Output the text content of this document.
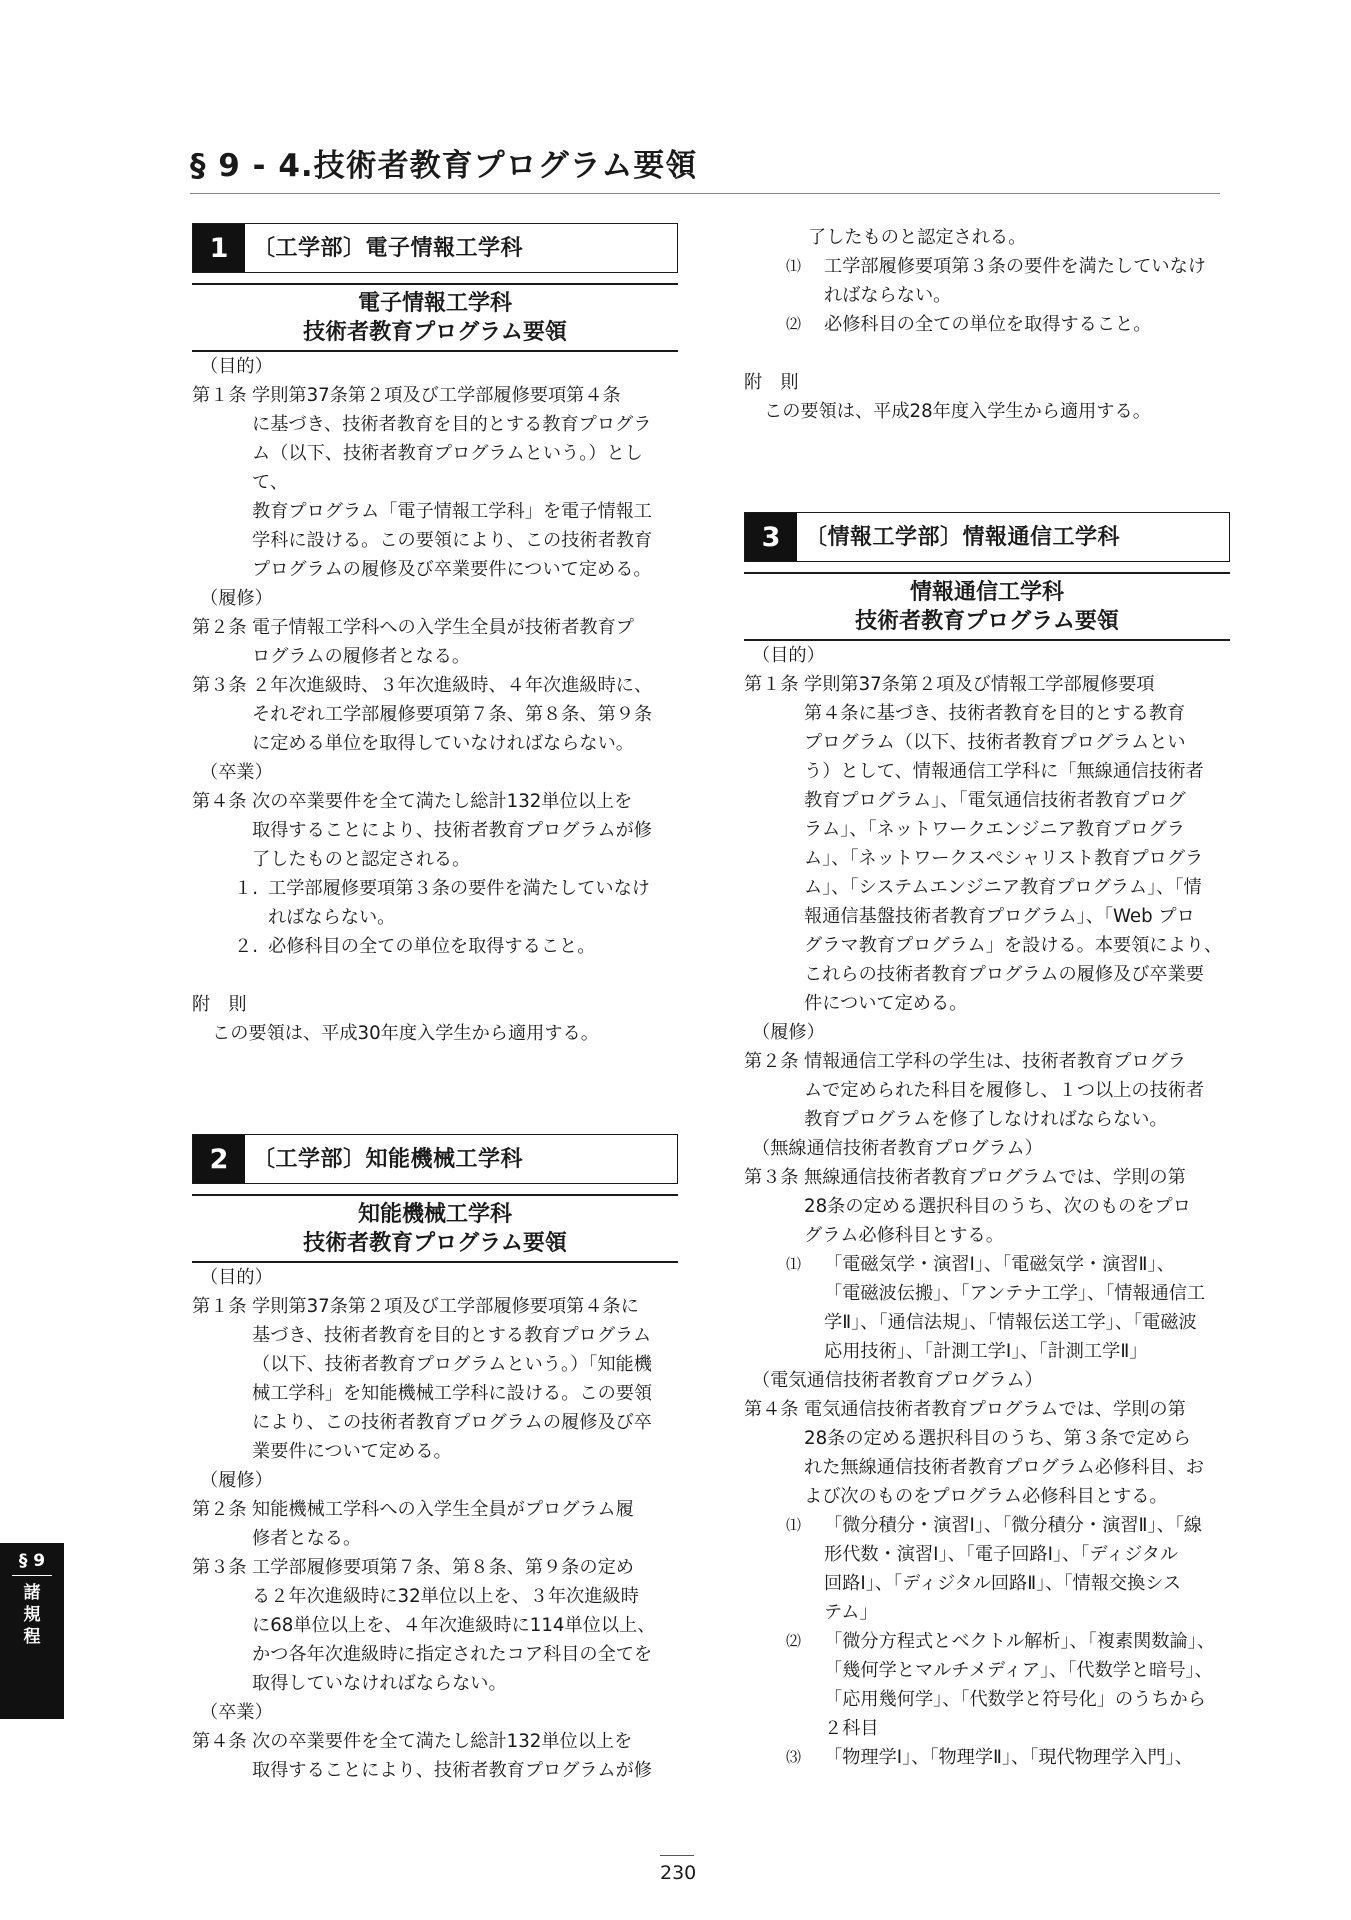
§ 9 - 4.技術者教育プログラム要領
1	〔工学部〕電子情報工学科
電子情報工学科
技術者教育プログラム要領
（目的）
第１条 学則第37条第２項及び工学部履修要項第４条
に基づき、技術者教育を目的とする教育プログラ
ム（以下、技術者教育プログラムという。）として、
教育プログラム「電子情報工学科」を電子情報工
学科に設ける。この要領により、この技術者教育
プログラムの履修及び卒業要件について定める。
（履修）
第２条 電子情報工学科への入学生全員が技術者教育プ
ログラムの履修者となる。
第３条 ２年次進級時、３年次進級時、４年次進級時に、
それぞれ工学部履修要項第７条、第８条、第９条
に定める単位を取得していなければならない。
（卒業）
第４条 次の卒業要件を全て満たし総計132単位以上を
取得することにより、技術者教育プログラムが修
了したものと認定される。
１. 工学部履修要項第３条の要件を満たしていなけ
ればならない。
２. 必修科目の全ての単位を取得すること。
附　則
この要領は、平成30年度入学生から適用する。
2	〔工学部〕知能機械工学科
知能機械工学科
技術者教育プログラム要領
（目的）
第１条 学則第37条第２項及び工学部履修要項第４条に
基づき、技術者教育を目的とする教育プログラム
（以下、技術者教育プログラムという。）「知能機
械工学科」を知能機械工学科に設ける。この要領
により、この技術者教育プログラムの履修及び卒
業要件について定める。
（履修）
第２条 知能機械工学科への入学生全員がプログラム履
修者となる。
第３条 工学部履修要項第７条、第８条、第９条の定め
る２年次進級時に32単位以上を、３年次進級時
に68単位以上を、４年次進級時に114単位以上、
かつ各年次進級時に指定されたコア科目の全てを
取得していなければならない。
（卒業）
第４条 次の卒業要件を全て満たし総計132単位以上を
取得することにより、技術者教育プログラムが修
了したものと認定される。
⑴	工学部履修要項第３条の要件を満たしていなけ
ればならない。
⑵	必修科目の全ての単位を取得すること。
附　則
この要領は、平成28年度入学生から適用する。
3	〔情報工学部〕情報通信工学科
情報通信工学科
技術者教育プログラム要領
（目的）
第１条 学則第37条第２項及び情報工学部履修要項
第４条に基づき、技術者教育を目的とする教育
プログラム（以下、技術者教育プログラムとい
う）として、情報通信工学科に「無線通信技術者
教育プログラム」、「電気通信技術者教育プログ
ラム」、「ネットワークエンジニア教育プログラ
ム」、「ネットワークスペシャリスト教育プログラ
ム」、「システムエンジニア教育プログラム」、「情
報通信基盤技術者教育プログラム」、「Web プロ
グラマ教育プログラム」を設ける。本要領により、
これらの技術者教育プログラムの履修及び卒業要
件について定める。
（履修）
第２条 情報通信工学科の学生は、技術者教育プログラ
ムで定められた科目を履修し、１つ以上の技術者
教育プログラムを修了しなければならない。
（無線通信技術者教育プログラム）
第３条 無線通信技術者教育プログラムでは、学則の第
28条の定める選択科目のうち、次のものをプロ
グラム必修科目とする。
⑴	「電磁気学・演習Ⅰ」、「電磁気学・演習Ⅱ」、
「電磁波伝搬」、「アンテナ工学」、「情報通信工
学Ⅱ」、「通信法規」、「情報伝送工学」、「電磁波
応用技術」、「計測工学Ⅰ」、「計測工学Ⅱ」
（電気通信技術者教育プログラム）
第４条 電気通信技術者教育プログラムでは、学則の第
28条の定める選択科目のうち、第３条で定めら
れた無線通信技術者教育プログラム必修科目、お
よび次のものをプログラム必修科目とする。
⑴	「微分積分・演習Ⅰ」、「微分積分・演習Ⅱ」、「線
形代数・演習Ⅰ」、「電子回路Ⅰ」、「ディジタル
回路Ⅰ」、「ディジタル回路Ⅱ」、「情報交換シス
テム」
⑵	「微分方程式とベクトル解析」、「複素関数論」、
「幾何学とマルチメディア」、「代数学と暗号」、
「応用幾何学」、「代数学と符号化」のうちから
２科目
⑶	「物理学Ⅰ」、「物理学Ⅱ」、「現代物理学入門」、
§ 9
諸
規
程
230
